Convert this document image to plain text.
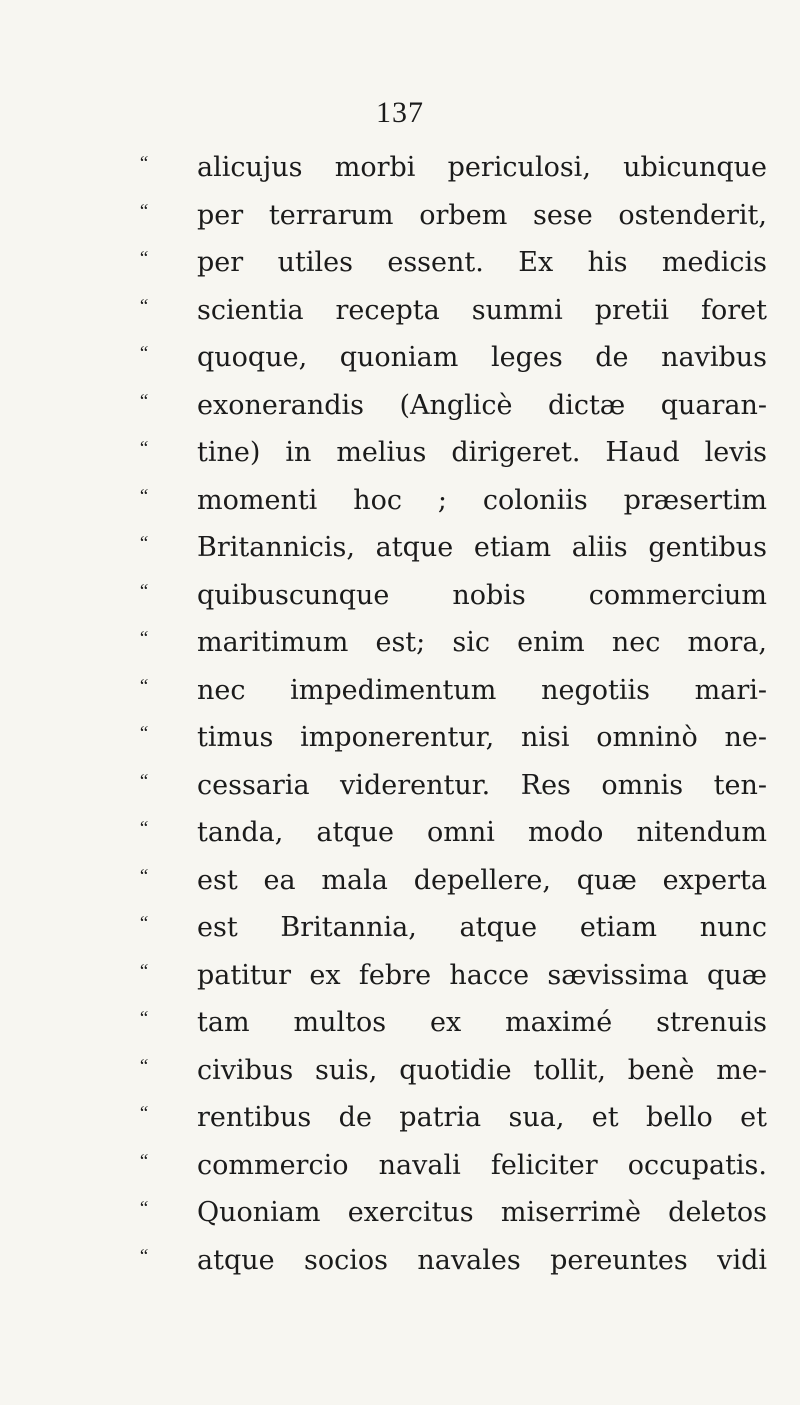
137
“ alicujus morbi periculosi, ubicunque
“ per terrarum orbem sese ostenderit,
“ per utiles essent. Ex his medicis
“ scientia recepta summi pretii foret
“ quoque, quoniam leges de navibus
“ exonerandis (Anglicè dictæ quaran-
“ tine) in melius dirigeret. Haud levis
“ momenti hoc ; coloniis præsertim
“ Britannicis, atque etiam aliis gentibus
“ quibuscunque nobis commercium
“ maritimum est; sic enim nec mora,
“ nec impedimentum negotiis mari-
“ timus imponerentur, nisi omninò ne-
“ cessaria viderentur. Res omnis ten-
“ tanda, atque omni modo nitendum
“ est ea mala depellere, quæ experta
“ est Britannia, atque etiam nunc
“ patitur ex febre hacce sævissima quæ
“ tam multos ex maximé strenuis
“ civibus suis, quotidie tollit, benè me-
“ rentibus de patria sua, et bello et
“ commercio navali feliciter occupatis.
“ Quoniam exercitus miserrimè deletos
“ atque socios navales pereuntes vidi
